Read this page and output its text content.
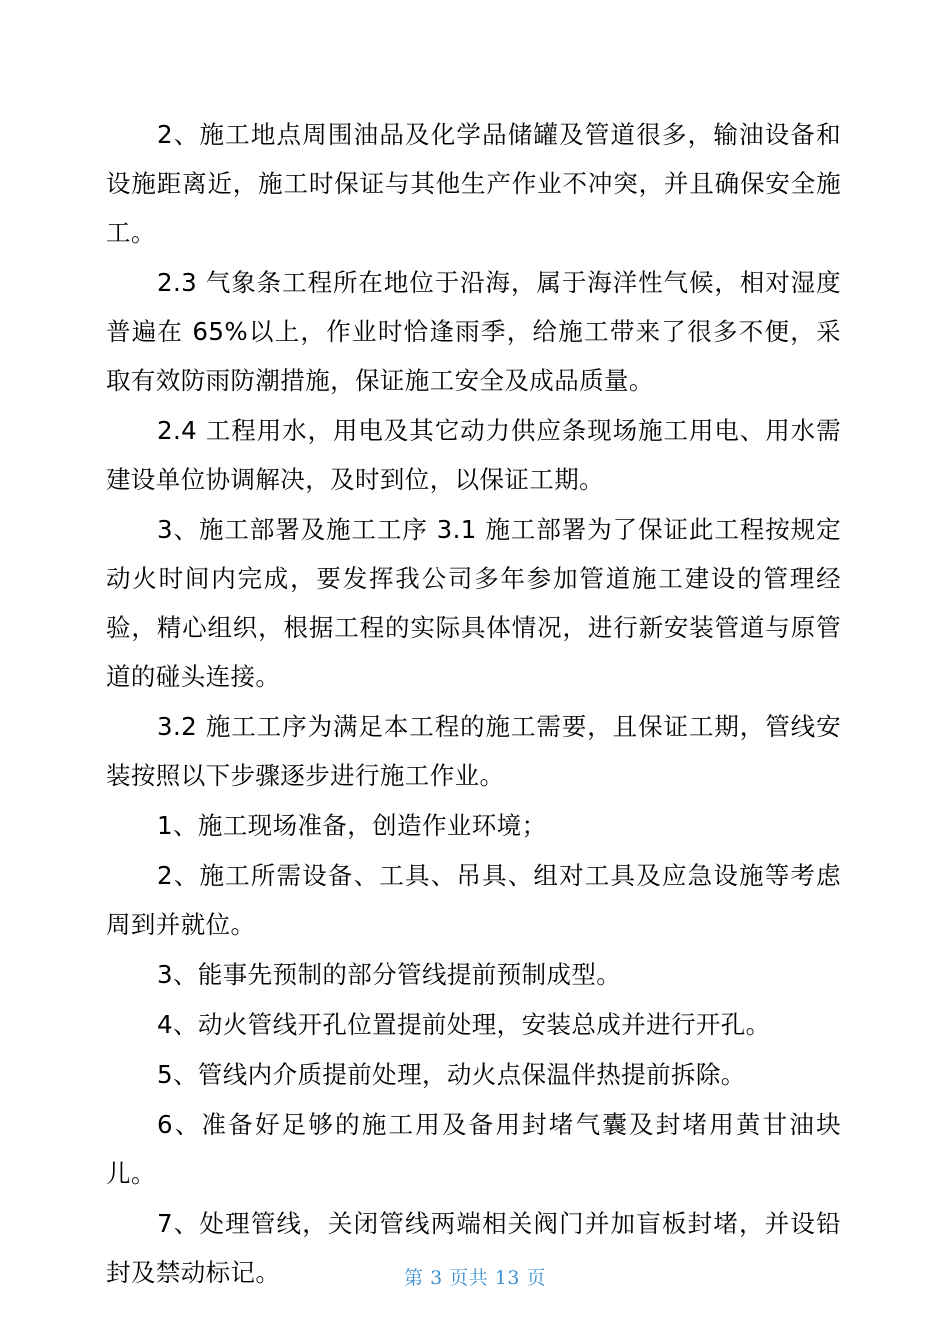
2、施工地点周围油品及化学品储罐及管道很多，输油设备和设施距离近，施工时保证与其他生产作业不冲突，并且确保安全施工。

2.3 气象条工程所在地位于沿海，属于海洋性气候，相对湿度普遍在 65%以上，作业时恰逢雨季，给施工带来了很多不便，采取有效防雨防潮措施，保证施工安全及成品质量。

2.4 工程用水，用电及其它动力供应条现场施工用电、用水需建设单位协调解决，及时到位，以保证工期。

3、施工部署及施工工序 3.1 施工部署为了保证此工程按规定动火时间内完成，要发挥我公司多年参加管道施工建设的管理经验，精心组织，根据工程的实际具体情况，进行新安装管道与原管道的碰头连接。

3.2 施工工序为满足本工程的施工需要，且保证工期，管线安装按照以下步骤逐步进行施工作业。

1、施工现场准备，创造作业环境；

2、施工所需设备、工具、吊具、组对工具及应急设施等考虑周到并就位。

3、能事先预制的部分管线提前预制成型。

4、动火管线开孔位置提前处理，安装总成并进行开孔。

5、管线内介质提前处理，动火点保温伴热提前拆除。

6、准备好足够的施工用及备用封堵气囊及封堵用黄甘油块儿。

7、处理管线，关闭管线两端相关阀门并加盲板封堵，并设铅封及禁动标记。	第 3 页共 13 页
